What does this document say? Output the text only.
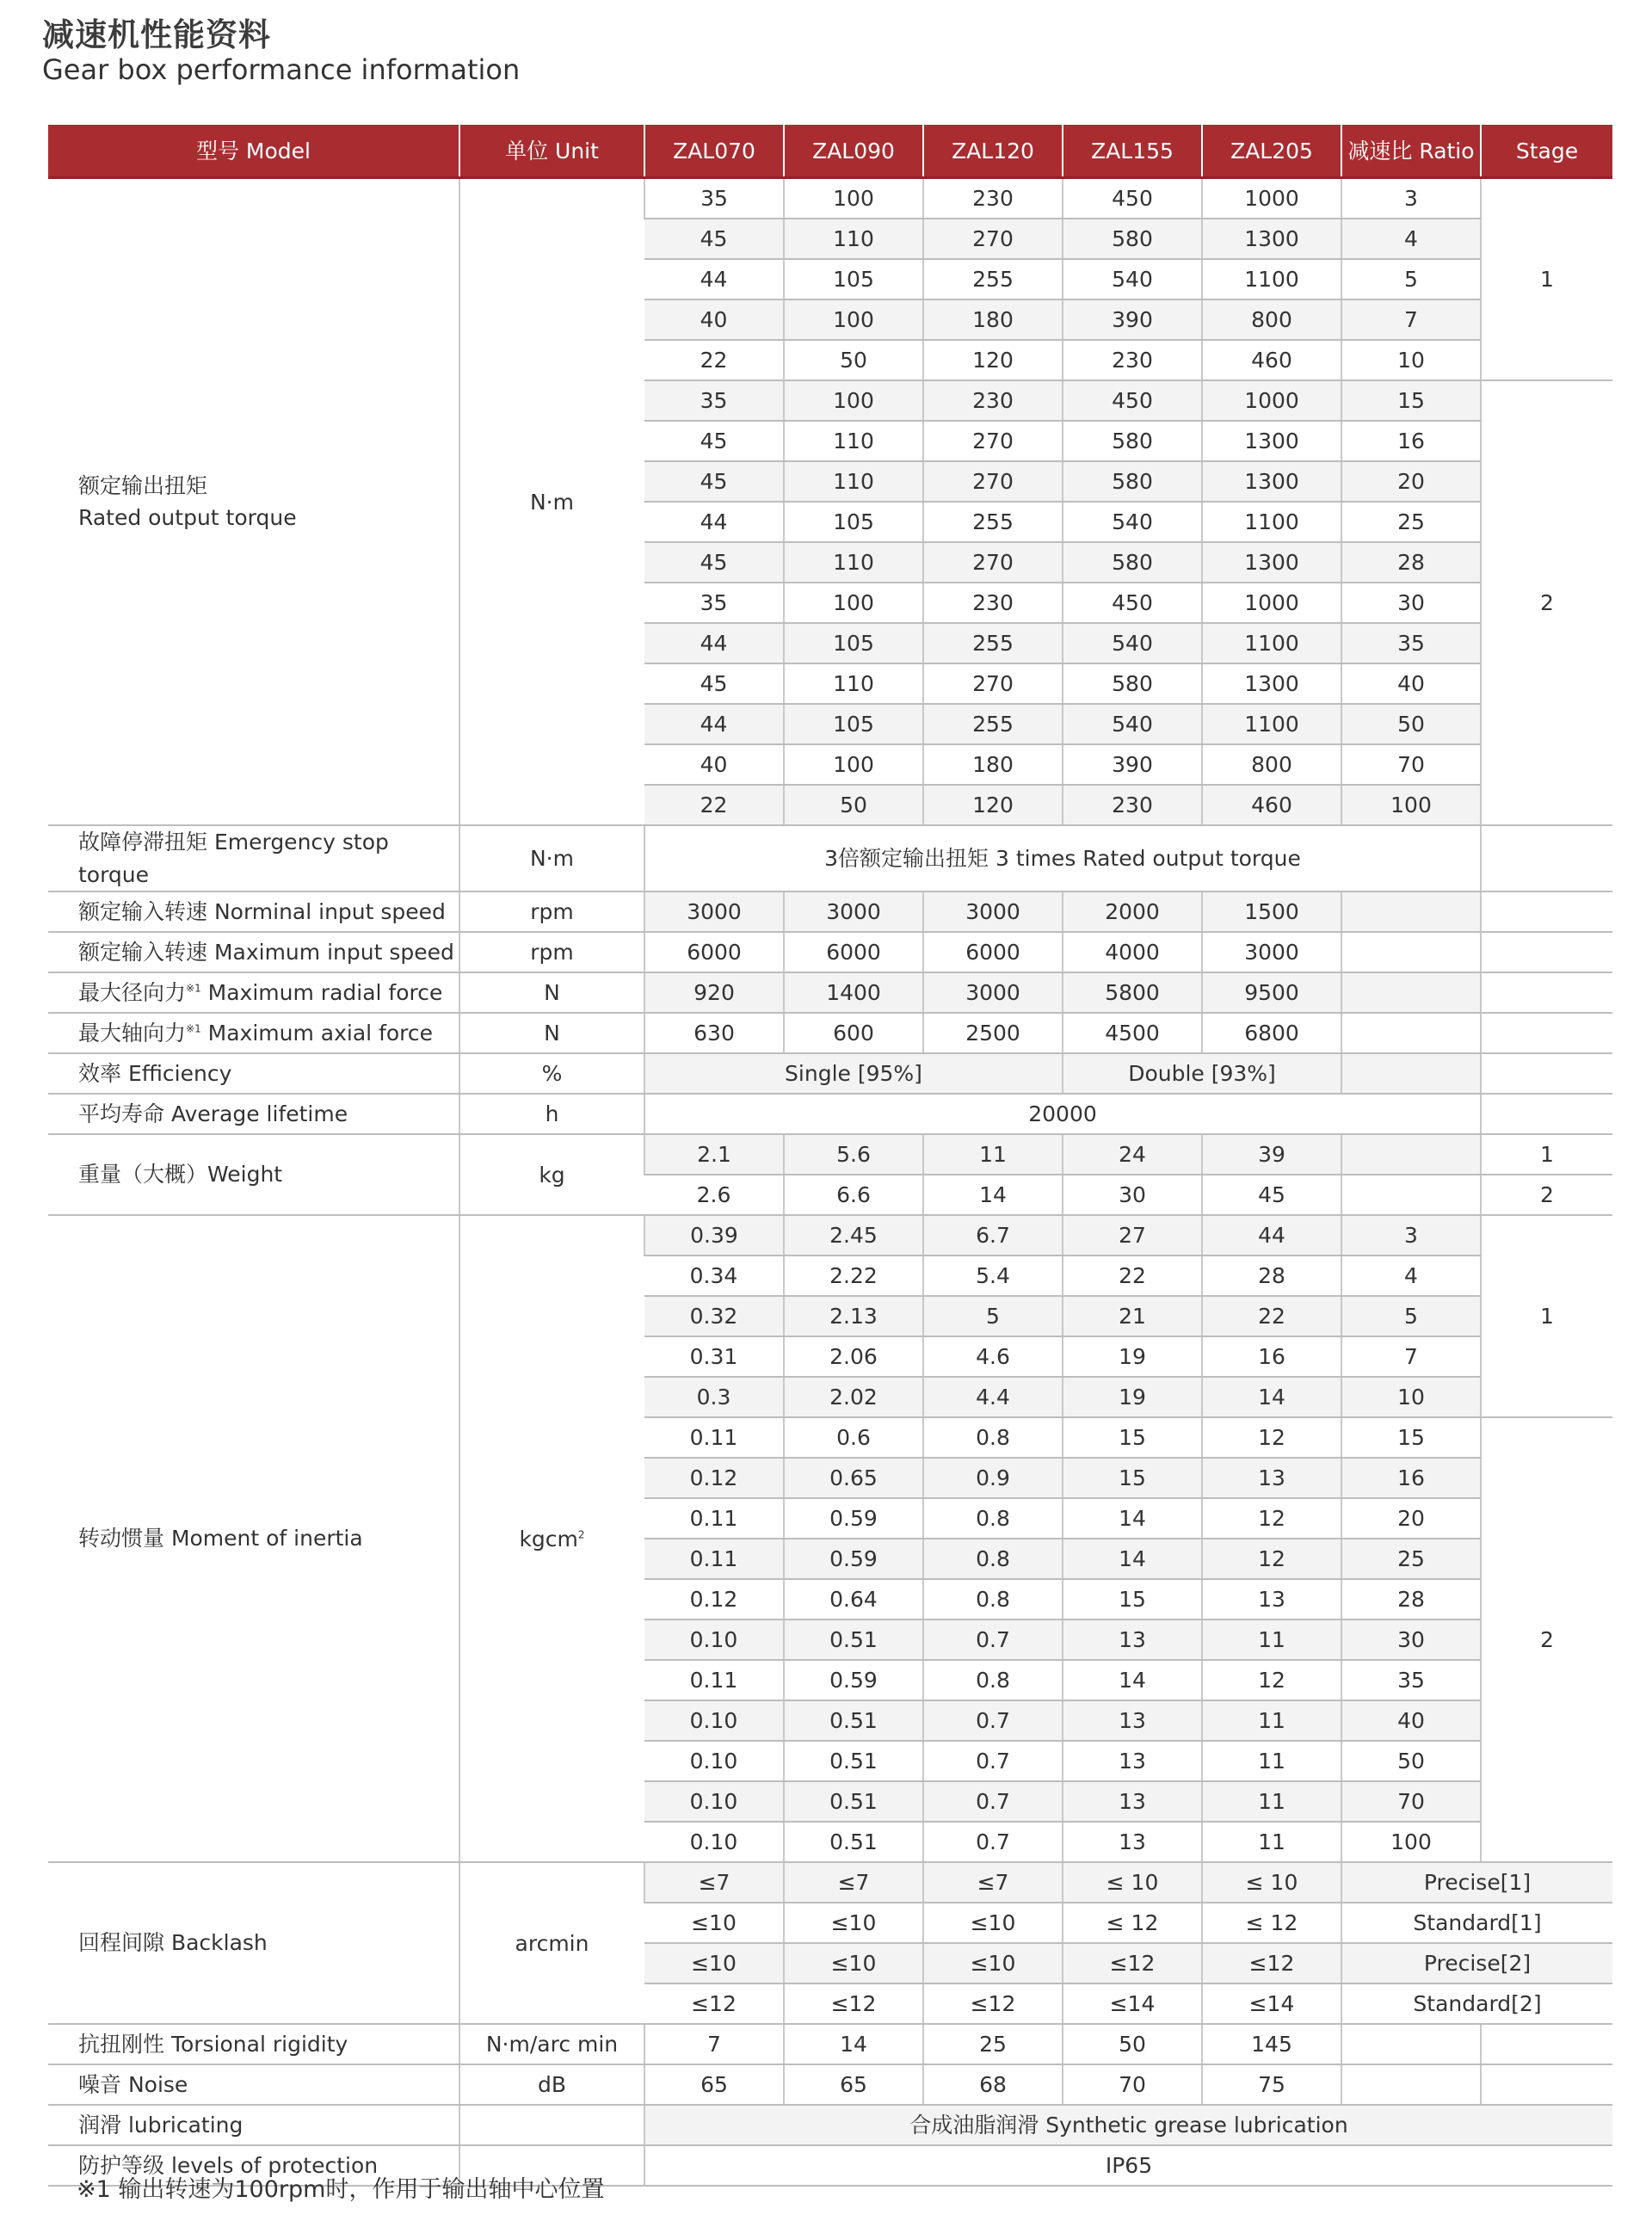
减速机性能资料
Gear box performance information
型号 Model	单位 Unit	ZAL070	ZAL090	ZAL120	ZAL155	ZAL205	减速比 Ratio	Stage

额定输出扭矩
Rated output torque	N·m	35	100	230	450	1000	3	1
		45	110	270	580	1300	4	
		44	105	255	540	1100	5	
		40	100	180	390	800	7	
		22	50	120	230	460	10	
		35	100	230	450	1000	15	2
		45	110	270	580	1300	16	
		45	110	270	580	1300	20	
		44	105	255	540	1100	25	
		45	110	270	580	1300	28	
		35	100	230	450	1000	30	
		44	105	255	540	1100	35	
		45	110	270	580	1300	40	
		44	105	255	540	1100	50	
		40	100	180	390	800	70	
		22	50	120	230	460	100	
故障停滞扭矩 Emergency stop torque	N·m	3倍额定输出扭矩 3 times Rated output torque						
额定输入转速 Norminal input speed	rpm	3000	3000	3000	2000	1500		
额定输入转速 Maximum input speed	rpm	6000	6000	6000	4000	3000		
最大径向力$^{※1}$ Maximum radial force	N	920	1400	3000	5800	9500		
最大轴向力$^{※1}$ Maximum axial force	N	630	600	2500	4500	6800		
效率 Efficiency	%	Single [95%]			Double [93%]			
平均寿命 Average lifetime	h	20000						
重量（大概）Weight	kg	2.1	5.6	11	24	39		1
		2.6	6.6	14	30	45		2
转动惯量 Moment of inertia	kgcm$^2$	0.39	2.45	6.7	27	44	3	1
		0.34	2.22	5.4	22	28	4	
		0.32	2.13	5	21	22	5	
		0.31	2.06	4.6	19	16	7	
		0.3	2.02	4.4	19	14	10	
		0.11	0.6	0.8	15	12	15	2
		0.12	0.65	0.9	15	13	16	
		0.11	0.59	0.8	14	12	20	
		0.11	0.59	0.8	14	12	25	
		0.12	0.64	0.8	15	13	28	
		0.10	0.51	0.7	13	11	30	
		0.11	0.59	0.8	14	12	35	
		0.10	0.51	0.7	13	11	40	
		0.10	0.51	0.7	13	11	50	
		0.10	0.51	0.7	13	11	70	
		0.10	0.51	0.7	13	11	100	
回程间隙 Backlash	arcmin	≤7	≤7	≤7	≤ 10	≤ 10	Precise[1]	
		≤10	≤10	≤10	≤ 12	≤ 12	Standard[1]	
		≤10	≤10	≤10	≤12	≤12	Precise[2]	
		≤12	≤12	≤12	≤14	≤14	Standard[2]	
抗扭刚性 Torsional rigidity	N·m/arc min	7	14	25	50	145		
噪音 Noise	dB	65	65	68	70	75		
润滑 lubricating		合成油脂润滑 Synthetic grease lubrication						
防护等级 levels of protection		IP65						
※1 输出转速为100rpm时，作用于输出轴中心位置
